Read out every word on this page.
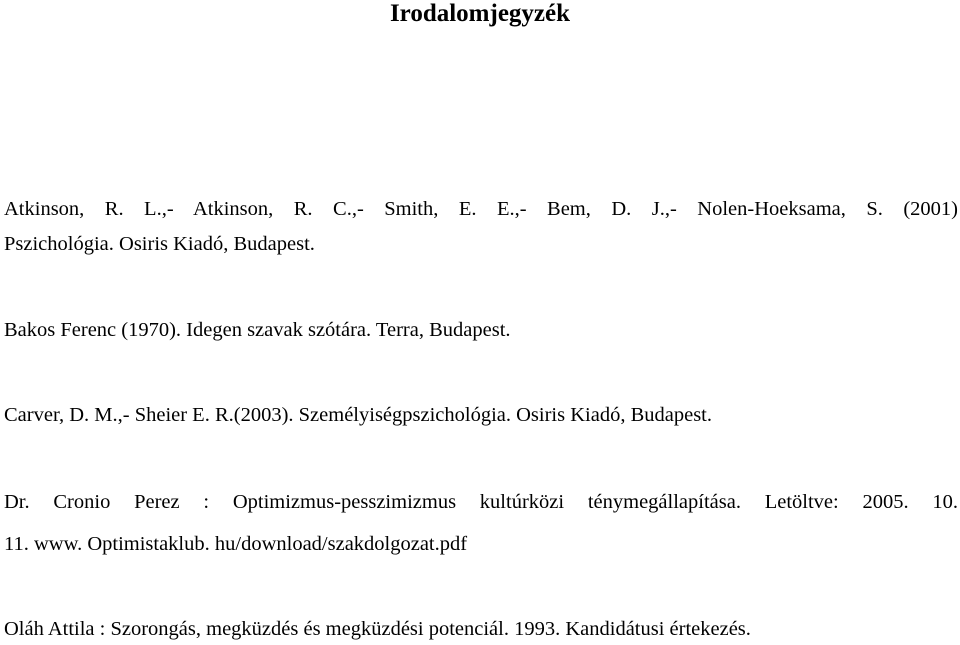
Irodalomjegyzék

Atkinson, R. L.,- Atkinson, R. C.,- Smith, E. E.,- Bem, D. J.,- Nolen-Hoeksama, S. (2001)

Pszichológia. Osiris Kiadó, Budapest.

Bakos Ferenc (1970). Idegen szavak szótára. Terra, Budapest.

Carver, D. M.,- Sheier E. R.(2003). Személyiségpszichológia. Osiris Kiadó, Budapest.

Dr. Cronio Perez : Optimizmus-pesszimizmus kultúrközi ténymegállapítása. Letöltve: 2005. 10.

11. www. Optimistaklub. hu/download/szakdolgozat.pdf

Oláh Attila : Szorongás, megküzdés és megküzdési potenciál. 1993. Kandidátusi értekezés.
